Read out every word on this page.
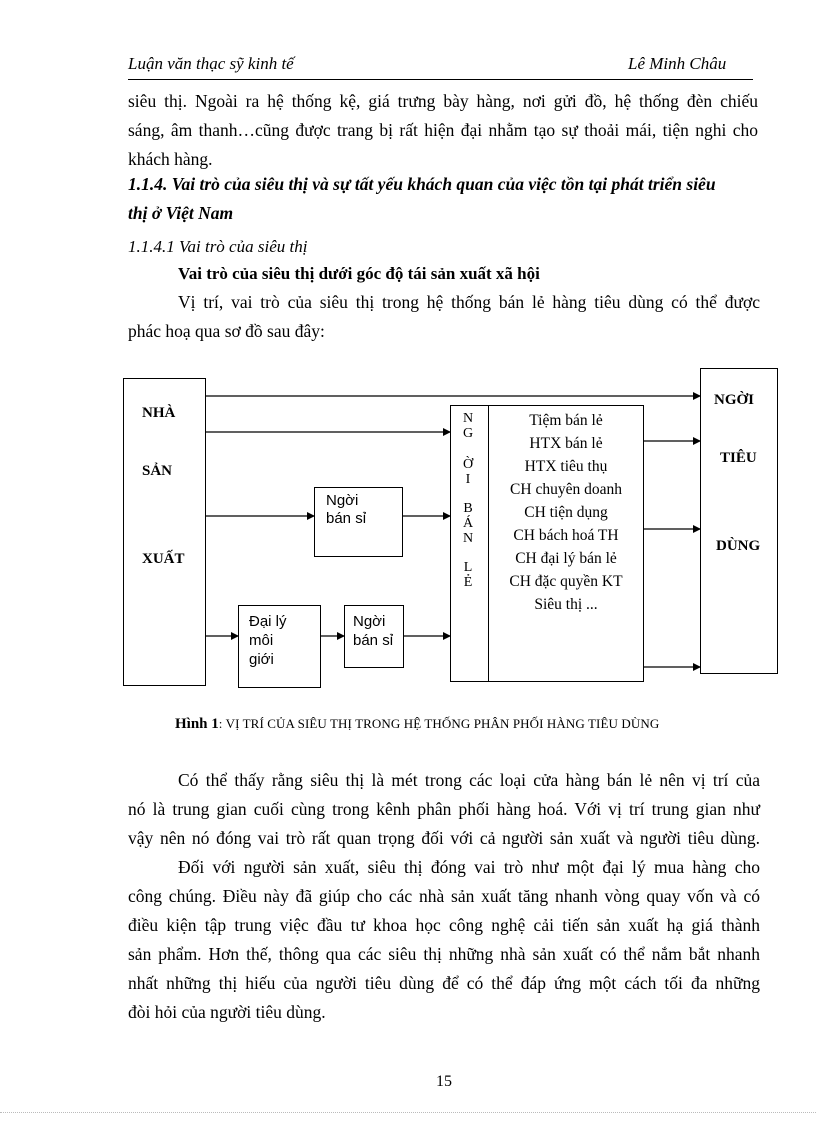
Luận văn thạc sỹ kinh tế	Lê Minh Châu
siêu thị. Ngoài ra hệ thống kệ, giá trưng bày hàng, nơi gửi đồ, hệ thống đèn chiếu
sáng, âm thanh…cũng được trang bị rất hiện đại nhằm tạo sự thoải mái, tiện nghi cho
khách hàng.
1.1.4. Vai trò của siêu thị và sự tất yếu khách quan của việc tồn tại phát triển siêu
thị ở Việt Nam
1.1.4.1 Vai trò của siêu thị
Vai trò của siêu thị dưới góc độ tái sản xuất xã hội
Vị trí, vai trò của siêu thị trong hệ thống bán lẻ hàng tiêu dùng có thể được
phác hoạ qua sơ đồ sau đây:
NHÀ
SẢN
XUẤT
Ngời
bán sỉ
Đại lý
môi
giới
Ngời
bán sỉ
N
G
Ờ
I
B
Á
N
L
Ẻ
Tiệm bán lẻ
HTX bán lẻ
HTX tiêu thụ
CH chuyên doanh
CH tiện dụng
CH bách hoá TH
CH đại lý bán lẻ
CH đặc quyền KT
Siêu thị ...
NGỜI
TIÊU
DÙNG
Hình 1: VỊ TRÍ CỦA SIÊU THỊ TRONG HỆ THỐNG PHÂN PHỐI HÀNG TIÊU DÙNG
Có thể thấy rằng siêu thị là mét trong các loại cửa hàng bán lẻ nên vị trí của
nó là trung gian cuối cùng trong kênh phân phối hàng hoá. Với vị trí trung gian như
vậy nên nó đóng vai trò rất quan trọng đối với cả người sản xuất và người tiêu dùng.
Đối với người sản xuất, siêu thị đóng vai trò như một đại lý mua hàng cho
công chúng. Điều này đã giúp cho các nhà sản xuất tăng nhanh vòng quay vốn và có
điều kiện tập trung việc đầu tư khoa học công nghệ cải tiến sản xuất hạ giá thành
sản phẩm. Hơn thế, thông qua các siêu thị những nhà sản xuất có thể nắm bắt nhanh
nhất những thị hiếu của người tiêu dùng để có thể đáp ứng một cách tối đa những
đòi hỏi của người tiêu dùng.
15
